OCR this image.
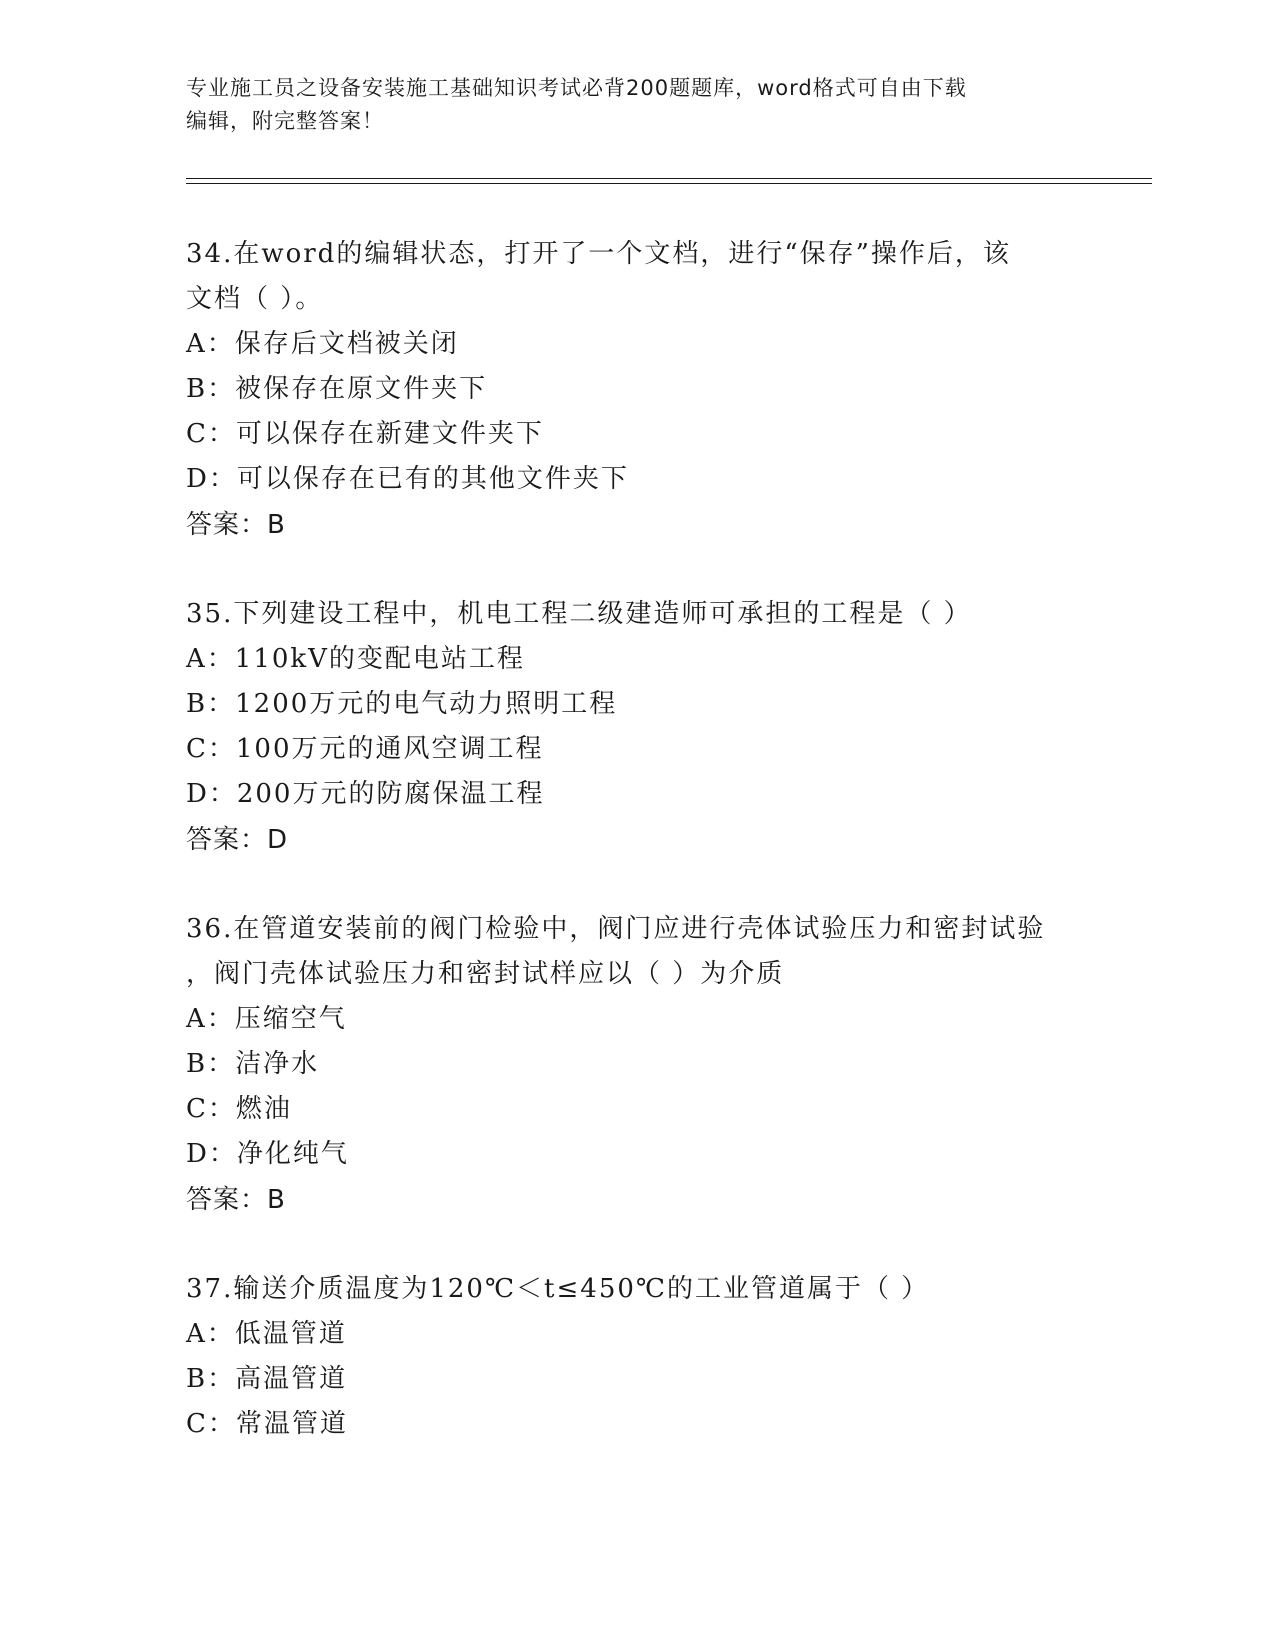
专业施工员之设备安装施工基础知识考试必背200题题库，word格式可自由下载
编辑，附完整答案！
34.在word的编辑状态，打开了一个文档，进行“保存”操作后，该
文档（ ）。
A：保存后文档被关闭
B：被保存在原文件夹下
C：可以保存在新建文件夹下
D：可以保存在已有的其他文件夹下
答案：B
35.下列建设工程中，机电工程二级建造师可承担的工程是（ ）
A：110kV的变配电站工程
B：1200万元的电气动力照明工程
C：100万元的通风空调工程
D：200万元的防腐保温工程
答案：D
36.在管道安装前的阀门检验中，阀门应进行壳体试验压力和密封试验
，阀门壳体试验压力和密封试样应以（ ）为介质
A：压缩空气
B：洁净水
C：燃油
D：净化纯气
答案：B
37.输送介质温度为120℃＜t≤450℃的工业管道属于（ ）
A：低温管道
B：高温管道
C：常温管道
